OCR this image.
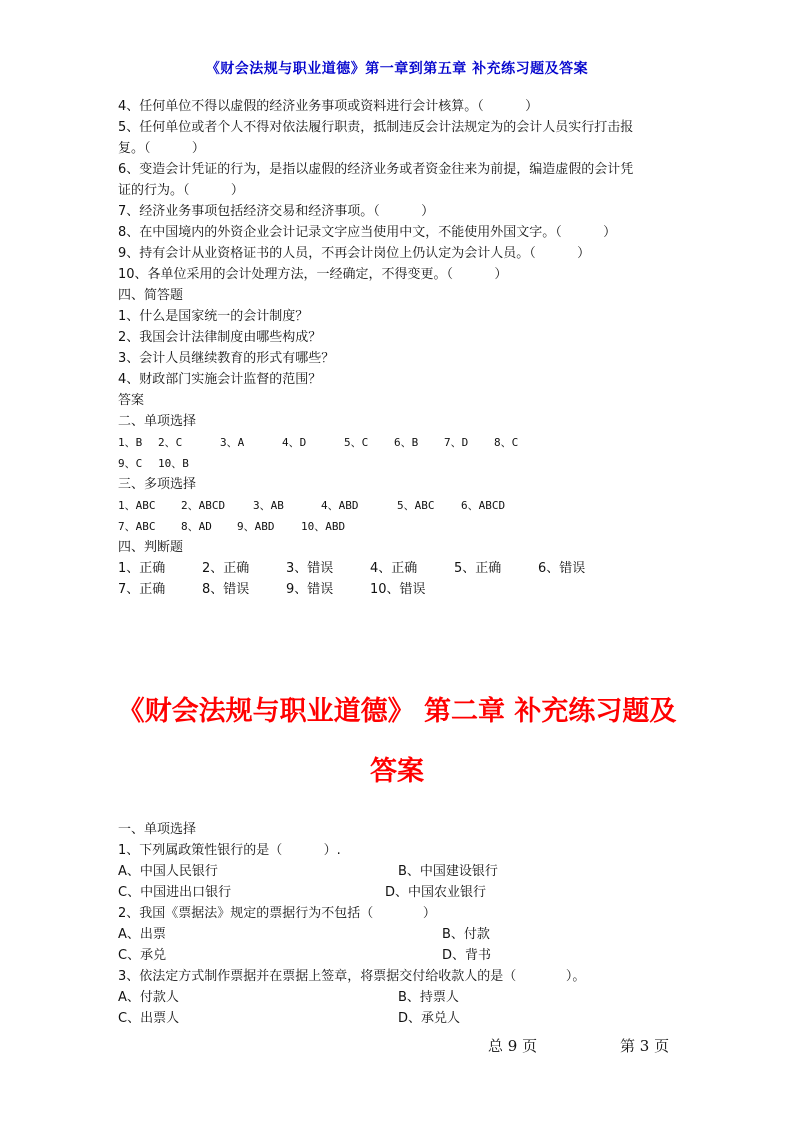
《财会法规与职业道德》第一章到第五章 补充练习题及答案
4、任何单位不得以虚假的经济业务事项或资料进行会计核算。（          ）
5、任何单位或者个人不得对依法履行职责，抵制违反会计法规定为的会计人员实行打击报
复。（          ）
6、变造会计凭证的行为，是指以虚假的经济业务或者资金往来为前提，编造虚假的会计凭
证的行为。（          ）
7、经济业务事项包括经济交易和经济事项。（          ）
8、在中国境内的外资企业会计记录文字应当使用中文，不能使用外国文字。（          ）
9、持有会计从业资格证书的人员，不再会计岗位上仍认定为会计人员。（          ）
10、各单位采用的会计处理方法，一经确定，不得变更。（          ）
四、简答题
1、什么是国家统一的会计制度？
2、我国会计法律制度由哪些构成？
3、会计人员继续教育的形式有哪些？
4、财政部门实施会计监督的范围？
答案
二、单项选择
1、B	2、C	3、A	4、D	5、C	6、B	7、D	8、C
9、C	10、B
三、多项选择
1、ABC	2、ABCD	3、AB	4、ABD	5、ABC	6、ABCD
7、ABC	8、AD	9、ABD	10、ABD
四、判断题
1、正确	2、正确	3、错误	4、正确	5、正确	6、错误
7、正确	8、错误	9、错误	10、错误
《财会法规与职业道德》 第二章 补充练习题及
答案
一、单项选择
1、下列属政策性银行的是（          ）.
A、中国人民银行	B、中国建设银行
C、中国进出口银行	D、中国农业银行
2、我国《票据法》规定的票据行为不包括（            ）
A、出票	B、付款
C、承兑	D、背书
3、依法定方式制作票据并在票据上签章，将票据交付给收款人的是（            ）。
A、付款人	B、持票人
C、出票人	D、承兑人
总 9 页	第 3 页
